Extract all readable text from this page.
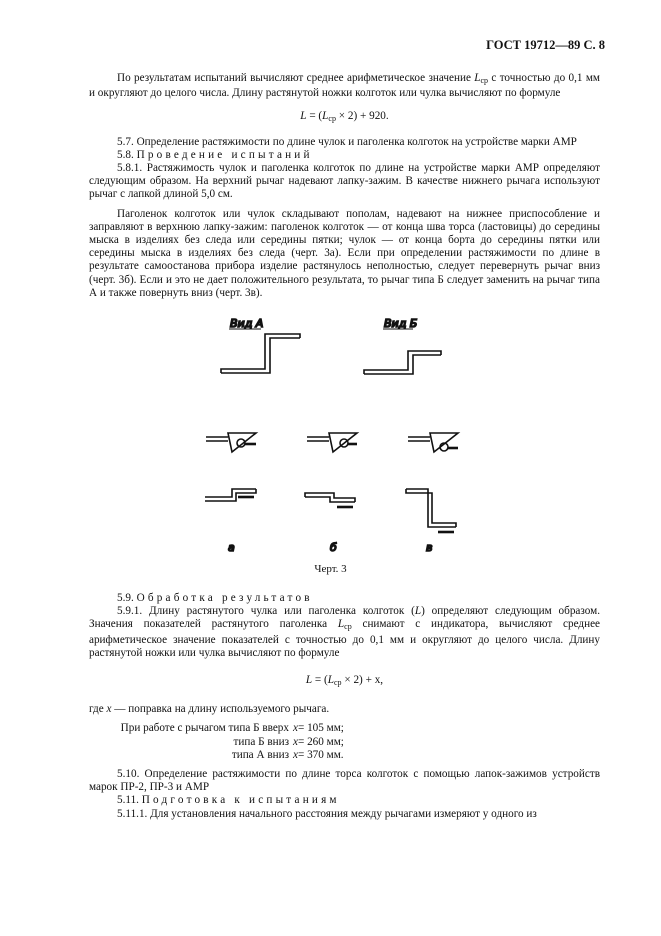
ГОСТ 19712—89 С. 8

По результатам испытаний вычисляют среднее арифметическое значение $L_{ср}$ с точностью до 0,1 мм и округляют до целого числа. Длину растянутой ножки колготок или чулка вычисляют по формуле

$L = (L_{ср} \times 2) + 920$.

5.7. Определение растяжимости по длине чулок и паголенка колготок на устройстве марки АМР

5.8. Проведение испытаний

5.8.1. Растяжимость чулок и паголенка колготок по длине на устройстве марки АМР определяют следующим образом. На верхний рычаг надевают лапку-зажим. В качестве нижнего рычага используют рычаг с лапкой длиной 5,0 см.

Паголенок колготок или чулок складывают пополам, надевают на нижнее приспособление и заправляют в верхнюю лапку-зажим: паголенок колготок — от конца шва торса (ластовицы) до середины мыска в изделиях без следа или середины пятки; чулок — от конца борта до середины пятки или середины мыска в изделиях без следа (черт. 3а). Если при определении растяжимости по длине в результате самоостанова прибора изделие растянулось неполностью, следует перевернуть рычаг вниз (черт. 3б). Если и это не дает положительного результата, то рычаг типа Б следует заменить на рычаг типа А и также повернуть вниз (черт. 3в).

Вид А	Вид Б
а	б	в
Черт. 3

5.9. Обработка результатов

5.9.1. Длину растянутого чулка или паголенка колготок (L) определяют следующим образом. Значения показателей растянутого паголенка $L_{ср}$ снимают с индикатора, вычисляют среднее арифметическое значение показателей с точностью до 0,1 мм и округляют до целого числа. Длину растянутой ножки или чулка вычисляют по формуле

$L = (L_{ср} \times 2) + x$,

где x — поправка на длину используемого рычага.

При работе с рычагом типа Б вверх x = 105 мм;
типа Б вниз x = 260 мм;
типа А вниз x = 370 мм.

5.10. Определение растяжимости по длине торса колготок с помощью лапок-зажимов устройств марок ПР-2, ПР-3 и АМР

5.11. Подготовка к испытаниям

5.11.1. Для установления начального расстояния между рычагами измеряют у одного из
